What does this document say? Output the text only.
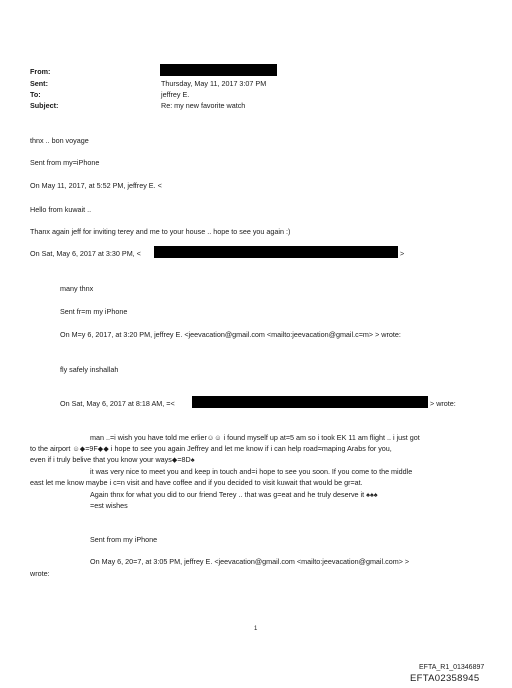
From:
Sent:	Thursday, May 11, 2017 3:07 PM
To:	jeffrey E.
Subject:	Re: my new favorite watch
thnx .. bon voyage
Sent from my=iPhone
On May 11, 2017, at 5:52 PM, jeffrey E. <
Hello from kuwait ..
Thanx again jeff for inviting terey and me to your house .. hope to see you again :)
On Sat, May 6, 2017 at 3:30 PM, <	>
many thnx
Sent fr=m my iPhone
On M=y 6, 2017, at 3:20 PM, jeffrey E. <jeevacation@gmail.com <mailto:jeevacation@gmail.c=m> > wrote:
fly safely inshallah
On Sat, May 6, 2017 at 8:18 AM, =<	> wrote:
man ..=i wish you have told me erlier☺☺ i found myself up at=5 am so i took EK 11 am flight .. i just got
to the airport ☺◆=9F◆◆ i hope to see you again Jeffrey and let me know if i can help road=maping Arabs for you,
even if i truly belive that you know your ways◆=8D♠
it was very nice to meet you and keep in touch and=i hope to see you soon. If you come to the middle
east let me know maybe i c=n visit and have coffee and if you decided to visit kuwait that would be gr=at.
Again thnx for what you did to our friend Terey .. that was g=eat and he truly deserve it ♠♠♠
=est wishes
Sent from my iPhone
On May 6, 20=7, at 3:05 PM, jeffrey E. <jeevacation@gmail.com <mailto:jeevacation@gmail.com> >
wrote:
1
EFTA_R1_01346897
EFTA02358945
